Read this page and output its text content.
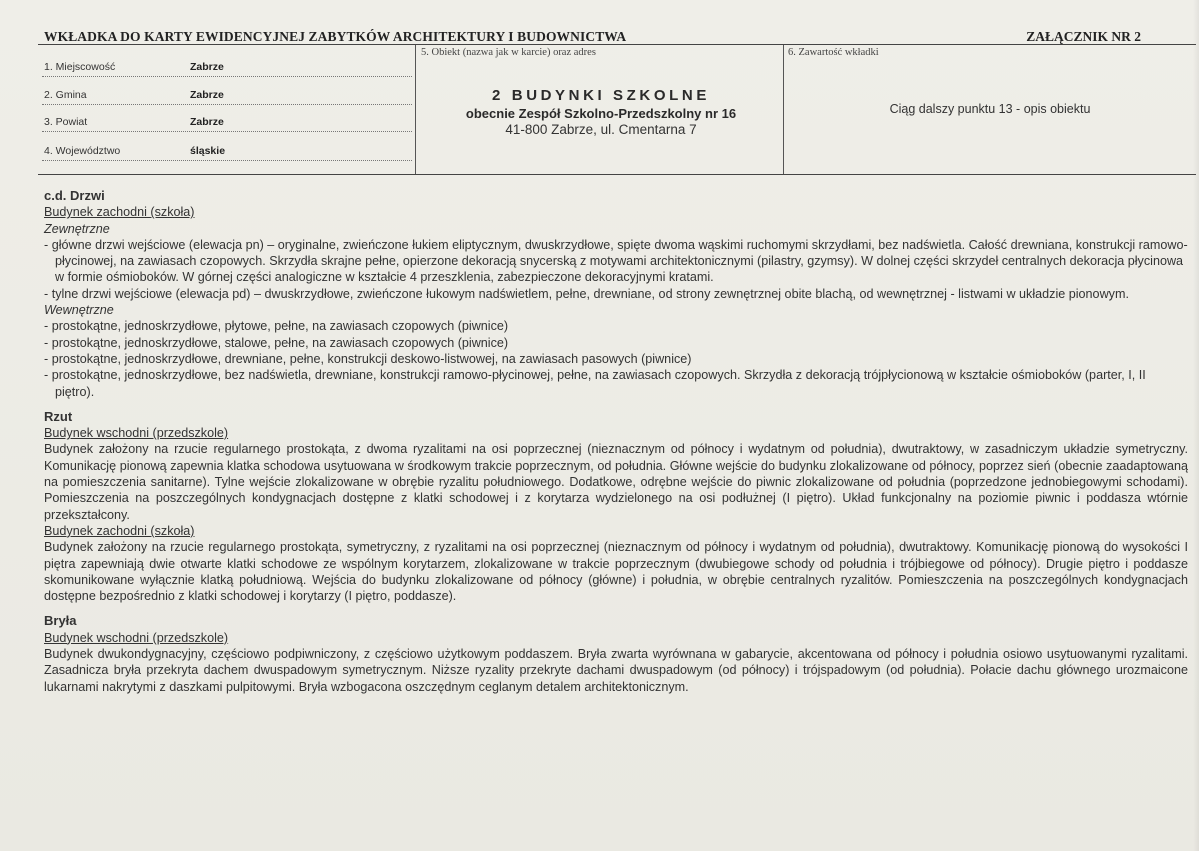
WKŁADKA DO KARTY EWIDENCYJNEJ ZABYTKÓW ARCHITEKTURY I BUDOWNICTWA	ZAŁĄCZNIK NR 2
1. Miejscowość	Zabrze
2. Gmina	Zabrze
3. Powiat	Zabrze
4. Województwo	śląskie
5. Obiekt (nazwa jak w karcie) oraz adres
2 BUDYNKI SZKOLNE
obecnie Zespół Szkolno-Przedszkolny nr 16
41-800 Zabrze, ul. Cmentarna 7
6. Zawartość wkładki
Ciąg dalszy punktu 13 - opis obiektu
c.d. Drzwi
Budynek zachodni (szkoła)
Zewnętrzne
- główne drzwi wejściowe (elewacja pn) – oryginalne, zwieńczone łukiem eliptycznym, dwuskrzydłowe, spięte dwoma wąskimi ruchomymi skrzydłami, bez nadświetla. Całość drewniana, konstrukcji ramowo-płycinowej, na zawiasach czopowych. Skrzydła skrajne pełne, opierzone dekoracją snycerską z motywami architektonicznymi (pilastry, gzymsy). W dolnej części skrzydeł centralnych dekoracja płycinowa w formie ośmioboków. W górnej części analogiczne w kształcie 4 przeszklenia, zabezpieczone dekoracyjnymi kratami.
- tylne drzwi wejściowe (elewacja pd) – dwuskrzydłowe, zwieńczone łukowym nadświetlem, pełne, drewniane, od strony zewnętrznej obite blachą, od wewnętrznej - listwami w układzie pionowym.
Wewnętrzne
- prostokątne, jednoskrzydłowe, płytowe, pełne, na zawiasach czopowych (piwnice)
- prostokątne, jednoskrzydłowe, stalowe, pełne, na zawiasach czopowych (piwnice)
- prostokątne, jednoskrzydłowe, drewniane, pełne, konstrukcji deskowo-listwowej, na zawiasach pasowych (piwnice)
- prostokątne, jednoskrzydłowe, bez nadświetla, drewniane, konstrukcji ramowo-płycinowej, pełne, na zawiasach czopowych. Skrzydła z dekoracją trójpłycionową w kształcie ośmioboków (parter, I, II piętro).
Rzut
Budynek wschodni (przedszkole)
Budynek założony na rzucie regularnego prostokąta, z dwoma ryzalitami na osi poprzecznej (nieznacznym od północy i wydatnym od południa), dwutraktowy, w zasadniczym układzie symetryczny. Komunikację pionową zapewnia klatka schodowa usytuowana w środkowym trakcie poprzecznym, od południa. Główne wejście do budynku zlokalizowane od północy, poprzez sień (obecnie zaadaptowaną na pomieszczenia sanitarne). Tylne wejście zlokalizowane w obrębie ryzalitu południowego. Dodatkowe, odrębne wejście do piwnic zlokalizowane od południa (poprzedzone jednobiegowymi schodami). Pomieszczenia na poszczególnych kondygnacjach dostępne z klatki schodowej i z korytarza wydzielonego na osi podłużnej (I piętro). Układ funkcjonalny na poziomie piwnic i poddasza wtórnie przekształcony.
Budynek zachodni (szkoła)
Budynek założony na rzucie regularnego prostokąta, symetryczny, z ryzalitami na osi poprzecznej (nieznacznym od północy i wydatnym od południa), dwutraktowy. Komunikację pionową do wysokości I piętra zapewniają dwie otwarte klatki schodowe ze wspólnym korytarzem, zlokalizowane w trakcie poprzecznym (dwubiegowe schody od południa i trójbiegowe od północy). Drugie piętro i poddasze skomunikowane wyłącznie klatką południową. Wejścia do budynku zlokalizowane od północy (główne) i południa, w obrębie centralnych ryzalitów. Pomieszczenia na poszczególnych kondygnacjach dostępne bezpośrednio z klatki schodowej i korytarzy (I piętro, poddasze).
Bryła
Budynek wschodni (przedszkole)
Budynek dwukondygnacyjny, częściowo podpiwniczony, z częściowo użytkowym poddaszem. Bryła zwarta wyrównana w gabarycie, akcentowana od północy i południa osiowo usytuowanymi ryzalitami. Zasadnicza bryła przekryta dachem dwuspadowym symetrycznym. Niższe ryzality przekryte dachami dwuspadowym (od północy) i trójspadowym (od południa). Połacie dachu głównego urozmaicone lukarnami nakrytymi z daszkami pulpitowymi. Bryła wzbogacona oszczędnym ceglanym detalem architektonicznym.
